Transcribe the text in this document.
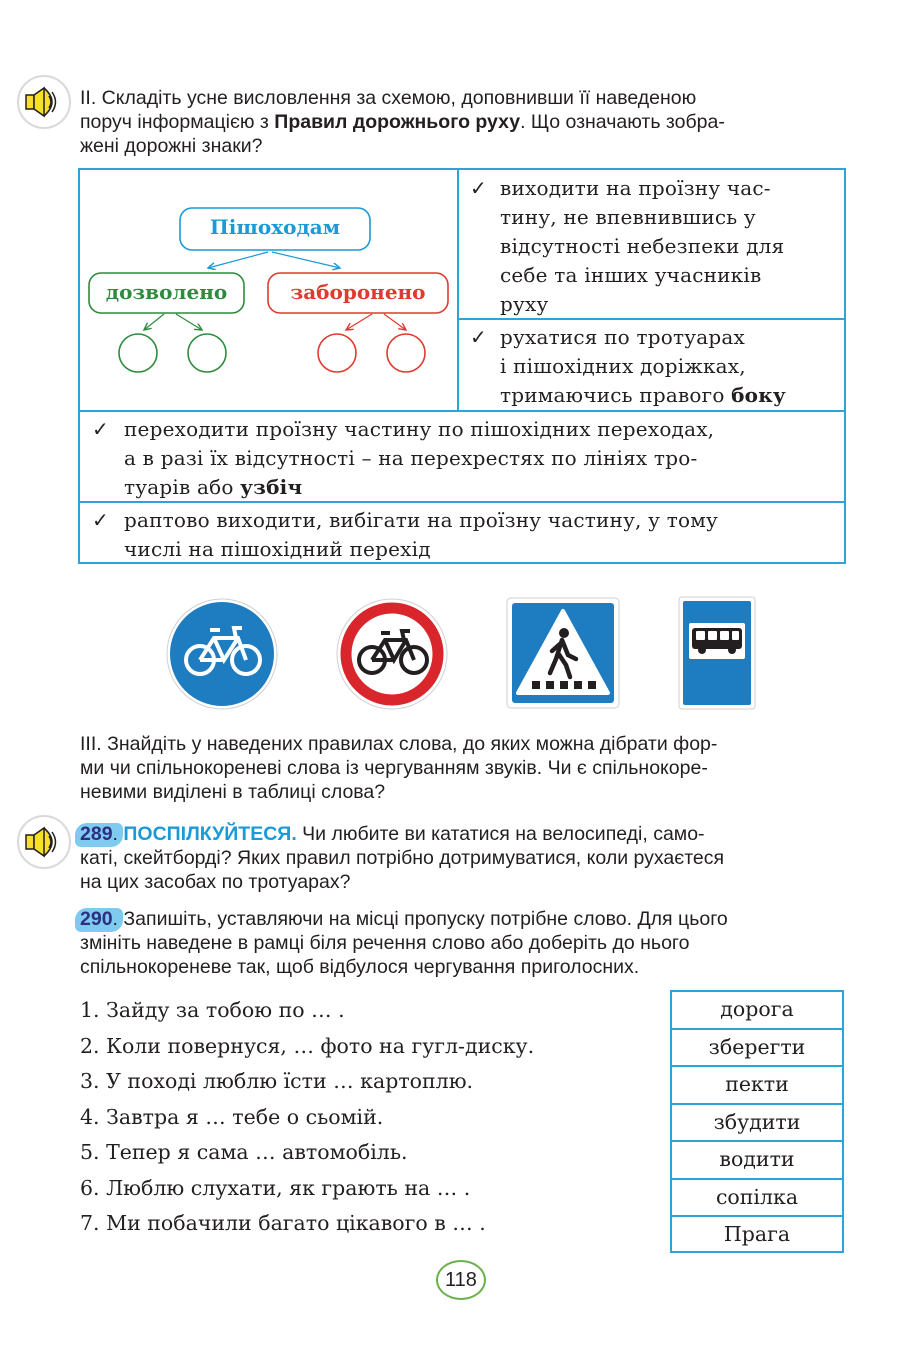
II. Складіть усне висловлення за схемою, доповнивши її наведеною
поруч інформацією з Правил дорожнього руху. Що означають зобра-
жені дорожні знаки?
Пішоходам
дозволено	заборонено
✓ виходити на проїзну час-
тину, не впевнившись у
відсутності небезпеки для
себе та інших учасників
руху
✓ рухатися по тротуарах
і пішохідних доріжках,
тримаючись правого боку
✓ переходити проїзну частину по пішохідних переходах,
а в разі їх відсутності – на перехрестях по лініях тро-
туарів або узбіч
✓ раптово виходити, вибігати на проїзну частину, у тому
числі на пішохідний перехід
III. Знайдіть у наведених правилах слова, до яких можна дібрати фор-
ми чи спільнокореневі слова із чергуванням звуків. Чи є спільнокоре-
невими виділені в таблиці слова?
289. ПОСПІЛКУЙТЕСЯ. Чи любите ви кататися на велосипеді, само-
каті, скейтборді? Яких правил потрібно дотримуватися, коли рухаєтеся
на цих засобах по тротуарах?
290. Запишіть, уставляючи на місці пропуску потрібне слово. Для цього
змініть наведене в рамці біля речення слово або доберіть до нього
спільнокореневе так, щоб відбулося чергування приголосних.
1. Зайду за тобою по … .
2. Коли повернуся, … фото на гугл-диску.
3. У поході люблю їсти … картоплю.
4. Завтра я … тебе о сьомій.
5. Тепер я сама … автомобіль.
6. Люблю слухати, як грають на … .
7. Ми побачили багато цікавого в … .
дорога
зберегти
пекти
збудити
водити
сопілка
Прага
118
